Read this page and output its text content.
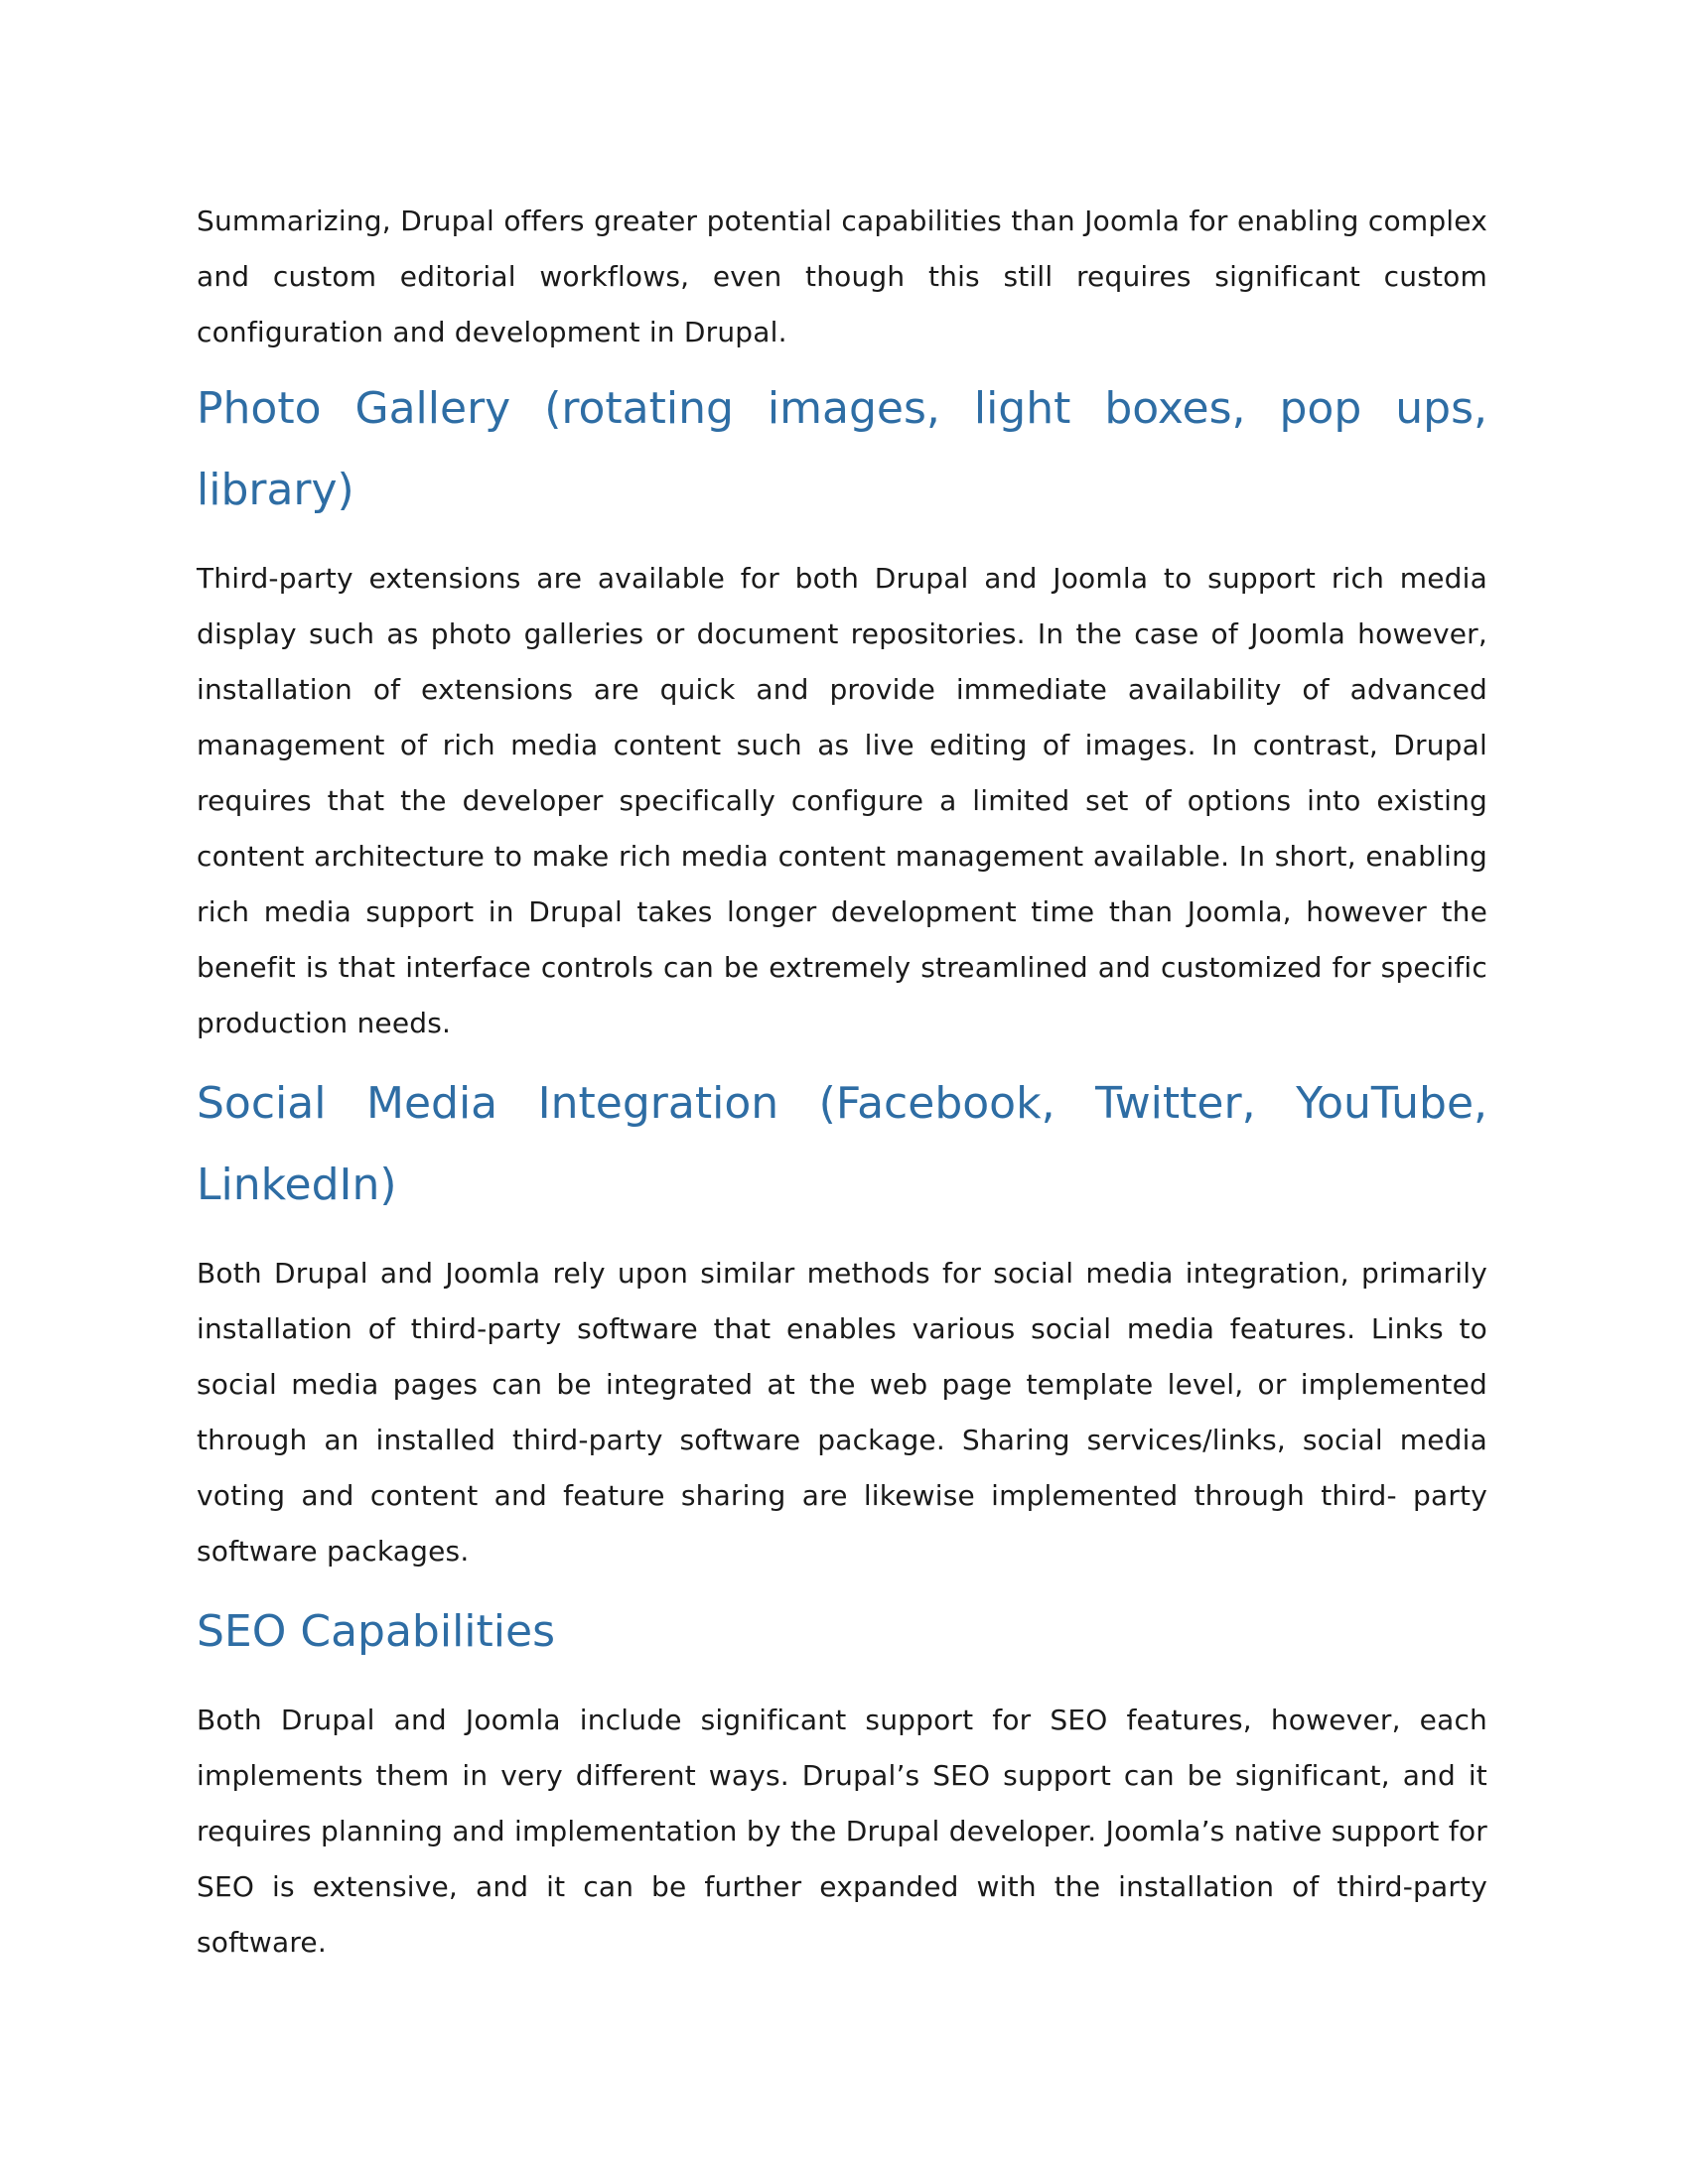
Summarizing, Drupal offers greater potential capabilities than Joomla for enabling complex and custom editorial workflows, even though this still requires significant custom configuration and development in Drupal.

Photo Gallery (rotating images, light boxes, pop ups, library)

Third-party extensions are available for both Drupal and Joomla to support rich media display such as photo galleries or document repositories. In the case of Joomla however, installation of extensions are quick and provide immediate availability of advanced management of rich media content such as live editing of images. In contrast, Drupal requires that the developer specifically configure a limited set of options into existing content architecture to make rich media content management available. In short, enabling rich media support in Drupal takes longer development time than Joomla, however the benefit is that interface controls can be extremely streamlined and customized for specific production needs.

Social Media Integration (Facebook, Twitter, YouTube, LinkedIn)

Both Drupal and Joomla rely upon similar methods for social media integration, primarily installation of third-party software that enables various social media features. Links to social media pages can be integrated at the web page template level, or implemented through an installed third-party software package. Sharing services/links, social media voting and content and feature sharing are likewise implemented through third- party software packages.

SEO Capabilities

Both Drupal and Joomla include significant support for SEO features, however, each implements them in very different ways. Drupal’s SEO support can be significant, and it requires planning and implementation by the Drupal developer. Joomla’s native support for SEO is extensive, and it can be further expanded with the installation of third-party software.
